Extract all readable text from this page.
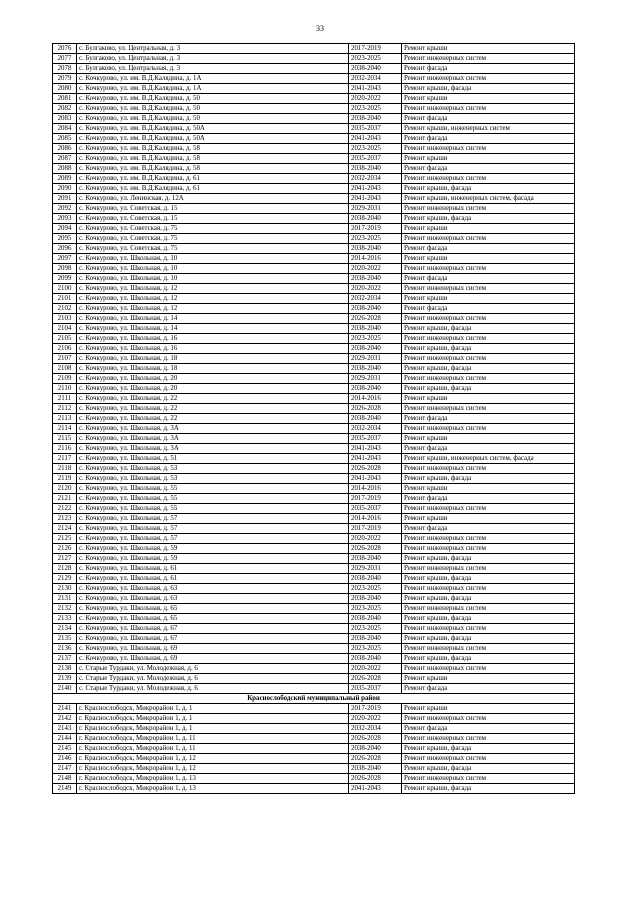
33
2076	с. Булгаково, ул. Центральная, д. 3	2017-2019	Ремонт крыши
2077	с. Булгаково, ул. Центральная, д. 3	2023-2025	Ремонт инженерных систем
2078	с. Булгаково, ул. Центральная, д. 3	2038-2040	Ремонт фасада
2079	с. Кочкурово, ул. им. В.Д.Калядина, д. 1А	2032-2034	Ремонт инженерных систем
2080	с. Кочкурово, ул. им. В.Д.Калядина, д. 1А	2041-2043	Ремонт крыши, фасада
2081	с. Кочкурово, ул. им. В.Д.Калядина, д. 50	2020-2022	Ремонт крыши
2082	с. Кочкурово, ул. им. В.Д.Калядина, д. 50	2023-2025	Ремонт инженерных систем
2083	с. Кочкурово, ул. им. В.Д.Калядина, д. 50	2038-2040	Ремонт фасада
2084	с. Кочкурово, ул. им. В.Д.Калядина, д. 50А	2035-2037	Ремонт крыши, инженерных систем
2085	с. Кочкурово, ул. им. В.Д.Калядина, д. 50А	2041-2043	Ремонт фасада
2086	с. Кочкурово, ул. им. В.Д.Калядина, д. 58	2023-2025	Ремонт инженерных систем
2087	с. Кочкурово, ул. им. В.Д.Калядина, д. 58	2035-2037	Ремонт крыши
2088	с. Кочкурово, ул. им. В.Д.Калядина, д. 58	2038-2040	Ремонт фасада
2089	с. Кочкурово, ул. им. В.Д.Калядина, д. 61	2032-2034	Ремонт инженерных систем
2090	с. Кочкурово, ул. им. В.Д.Калядина, д. 61	2041-2043	Ремонт крыши, фасада
2091	с. Кочкурово, ул. Ленинская, д. 12А	2041-2043	Ремонт крыши, инженерных систем, фасада
2092	с. Кочкурово, ул. Советская, д. 15	2029-2031	Ремонт инженерных систем
2093	с. Кочкурово, ул. Советская, д. 15	2038-2040	Ремонт крыши, фасада
2094	с. Кочкурово, ул. Советская, д. 75	2017-2019	Ремонт крыши
2095	с. Кочкурово, ул. Советская, д. 75	2023-2025	Ремонт инженерных систем
2096	с. Кочкурово, ул. Советская, д. 75	2038-2040	Ремонт фасада
2097	с. Кочкурово, ул. Школьная, д. 10	2014-2016	Ремонт крыши
2098	с. Кочкурово, ул. Школьная, д. 10	2020-2022	Ремонт инженерных систем
2099	с. Кочкурово, ул. Школьная, д. 10	2038-2040	Ремонт фасада
2100	с. Кочкурово, ул. Школьная, д. 12	2020-2022	Ремонт инженерных систем
2101	с. Кочкурово, ул. Школьная, д. 12	2032-2034	Ремонт крыши
2102	с. Кочкурово, ул. Школьная, д. 12	2038-2040	Ремонт фасада
2103	с. Кочкурово, ул. Школьная, д. 14	2026-2028	Ремонт инженерных систем
2104	с. Кочкурово, ул. Школьная, д. 14	2038-2040	Ремонт крыши, фасада
2105	с. Кочкурово, ул. Школьная, д. 16	2023-2025	Ремонт инженерных систем
2106	с. Кочкурово, ул. Школьная, д. 16	2038-2040	Ремонт крыши, фасада
2107	с. Кочкурово, ул. Школьная, д. 18	2029-2031	Ремонт инженерных систем
2108	с. Кочкурово, ул. Школьная, д. 18	2038-2040	Ремонт крыши, фасада
2109	с. Кочкурово, ул. Школьная, д. 20	2029-2031	Ремонт инженерных систем
2110	с. Кочкурово, ул. Школьная, д. 20	2038-2040	Ремонт крыши, фасада
2111	с. Кочкурово, ул. Школьная, д. 22	2014-2016	Ремонт крыши
2112	с. Кочкурово, ул. Школьная, д. 22	2026-2028	Ремонт инженерных систем
2113	с. Кочкурово, ул. Школьная, д. 22	2038-2040	Ремонт фасада
2114	с. Кочкурово, ул. Школьная, д. 3А	2032-2034	Ремонт инженерных систем
2115	с. Кочкурово, ул. Школьная, д. 3А	2035-2037	Ремонт крыши
2116	с. Кочкурово, ул. Школьная, д. 3А	2041-2043	Ремонт фасада
2117	с. Кочкурово, ул. Школьная, д. 51	2041-2043	Ремонт крыши, инженерных систем, фасада
2118	с. Кочкурово, ул. Школьная, д. 53	2026-2028	Ремонт инженерных систем
2119	с. Кочкурово, ул. Школьная, д. 53	2041-2043	Ремонт крыши, фасада
2120	с. Кочкурово, ул. Школьная, д. 55	2014-2016	Ремонт крыши
2121	с. Кочкурово, ул. Школьная, д. 55	2017-2019	Ремонт фасада
2122	с. Кочкурово, ул. Школьная, д. 55	2035-2037	Ремонт инженерных систем
2123	с. Кочкурово, ул. Школьная, д. 57	2014-2016	Ремонт крыши
2124	с. Кочкурово, ул. Школьная, д. 57	2017-2019	Ремонт фасада
2125	с. Кочкурово, ул. Школьная, д. 57	2020-2022	Ремонт инженерных систем
2126	с. Кочкурово, ул. Школьная, д. 59	2026-2028	Ремонт инженерных систем
2127	с. Кочкурово, ул. Школьная, д. 59	2038-2040	Ремонт крыши, фасада
2128	с. Кочкурово, ул. Школьная, д. 61	2029-2031	Ремонт инженерных систем
2129	с. Кочкурово, ул. Школьная, д. 61	2038-2040	Ремонт крыши, фасада
2130	с. Кочкурово, ул. Школьная, д. 63	2023-2025	Ремонт инженерных систем
2131	с. Кочкурово, ул. Школьная, д. 63	2038-2040	Ремонт крыши, фасада
2132	с. Кочкурово, ул. Школьная, д. 65	2023-2025	Ремонт инженерных систем
2133	с. Кочкурово, ул. Школьная, д. 65	2038-2040	Ремонт крыши, фасада
2134	с. Кочкурово, ул. Школьная, д. 67	2023-2025	Ремонт инженерных систем
2135	с. Кочкурово, ул. Школьная, д. 67	2038-2040	Ремонт крыши, фасада
2136	с. Кочкурово, ул. Школьная, д. 69	2023-2025	Ремонт инженерных систем
2137	с. Кочкурово, ул. Школьная, д. 69	2038-2040	Ремонт крыши, фасада
2138	с. Старые Турдаки, ул. Молодежная, д. 6	2020-2022	Ремонт инженерных систем
2139	с. Старые Турдаки, ул. Молодежная, д. 6	2026-2028	Ремонт крыши
2140	с. Старые Турдаки, ул. Молодежная, д. 6	2035-2037	Ремонт фасада
Краснослободский муниципальный район			
2141	г. Краснослободск, Микрорайон 1, д. 1	2017-2019	Ремонт крыши
2142	г. Краснослободск, Микрорайон 1, д. 1	2020-2022	Ремонт инженерных систем
2143	г. Краснослободск, Микрорайон 1, д. 1	2032-2034	Ремонт фасада
2144	г. Краснослободск, Микрорайон 1, д. 11	2026-2028	Ремонт инженерных систем
2145	г. Краснослободск, Микрорайон 1, д. 11	2038-2040	Ремонт крыши, фасада
2146	г. Краснослободск, Микрорайон 1, д. 12	2026-2028	Ремонт инженерных систем
2147	г. Краснослободск, Микрорайон 1, д. 12	2038-2040	Ремонт крыши, фасада
2148	г. Краснослободск, Микрорайон 1, д. 13	2026-2028	Ремонт инженерных систем
2149	г. Краснослободск, Микрорайон 1, д. 13	2041-2043	Ремонт крыши, фасада
